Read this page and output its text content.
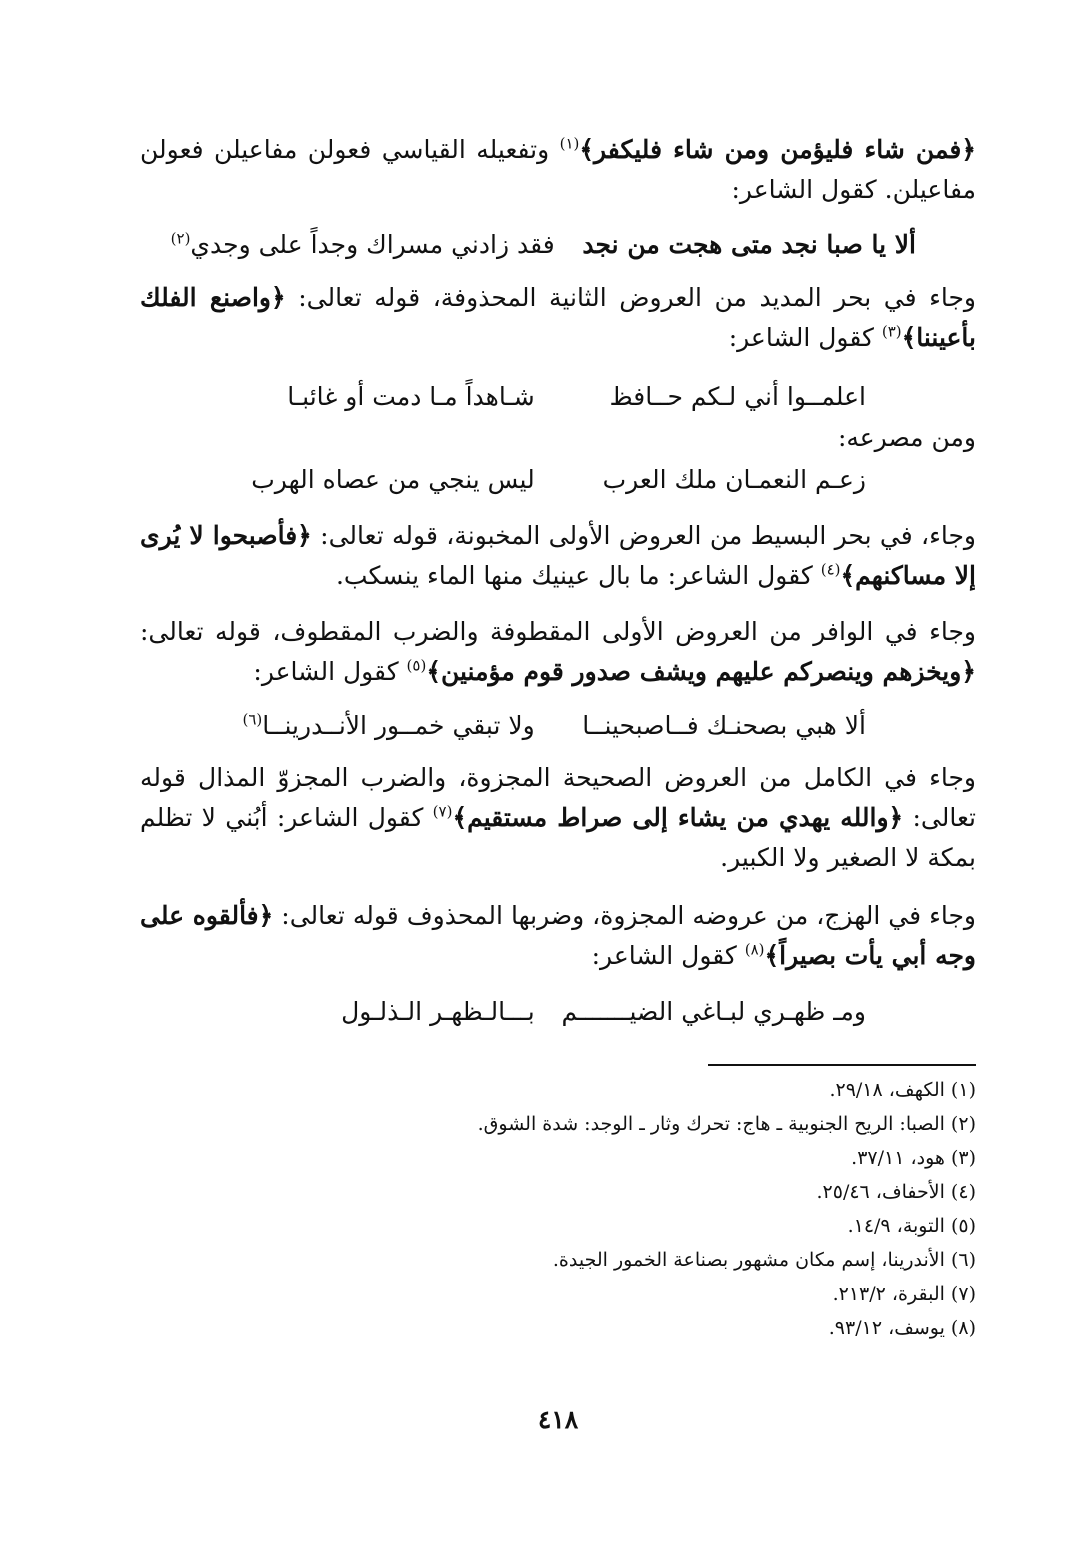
﴿فمن شاء فليؤمن ومن شاء فليكفر﴾$^{(١)}$ وتفعيله القياسي فعولن مفاعيلن فعولن مفاعيلن. كقول الشاعر:
ألا يا صبا نجد متى هجت من نجد
فقد زادني مسراك وجداً على وجدي$^{(٢)}$
وجاء في بحر المديد من العروض الثانية المحذوفة، قوله تعالى: ﴿واصنع الفلك بأعيننا﴾$^{(٣)}$ كقول الشاعر:
اعلمــوا أني لـكم حــافظ
شـاهداً مـا دمت أو غائبـا
ومن مصرعه:
زعـم النعمـان ملك العرب
ليس ينجي من عصاه الهرب
وجاء، في بحر البسيط من العروض الأولى المخبونة، قوله تعالى: ﴿فأصبحوا لا يُرى إلا مساكنهم﴾$^{(٤)}$ كقول الشاعر: ما بال عينيك منها الماء ينسكب.
وجاء في الوافر من العروض الأولى المقطوفة والضرب المقطوف، قوله تعالى: ﴿ويخزهم وينصركم عليهم ويشف صدور قوم مؤمنين﴾$^{(٥)}$ كقول الشاعر:
ألا هبي بصحنـك فــاصبحينــا
ولا تبقي خمــور الأنــدرينــا$^{(٦)}$
وجاء في الكامل من العروض الصحيحة المجزوة، والضرب المجزوّ المذال قوله تعالى: ﴿والله يهدي من يشاء إلى صراط مستقيم﴾$^{(٧)}$ كقول الشاعر: أبُني لا تظلم بمكة لا الصغير ولا الكبير.
وجاء في الهزج، من عروضه المجزوة، وضربها المحذوف قوله تعالى: ﴿فألقوه على وجه أبي يأت بصيراً﴾$^{(٨)}$ كقول الشاعر:
ومـ ظهـري لبـاغي الضيـــــــم
بـــالـظهـر الـذلـول
(١) الكهف، ٢٩/١٨.
(٢) الصبا: الريح الجنوبية ـ هاج: تحرك وثار ـ الوجد: شدة الشوق.
(٣) هود، ٣٧/١١.
(٤) الأحفاف، ٢٥/٤٦.
(٥) التوبة، ١٤/٩.
(٦) الأندرينا، إسم مكان مشهور بصناعة الخمور الجيدة.
(٧) البقرة، ٢١٣/٢.
(٨) يوسف، ٩٣/١٢.
٤١٨
